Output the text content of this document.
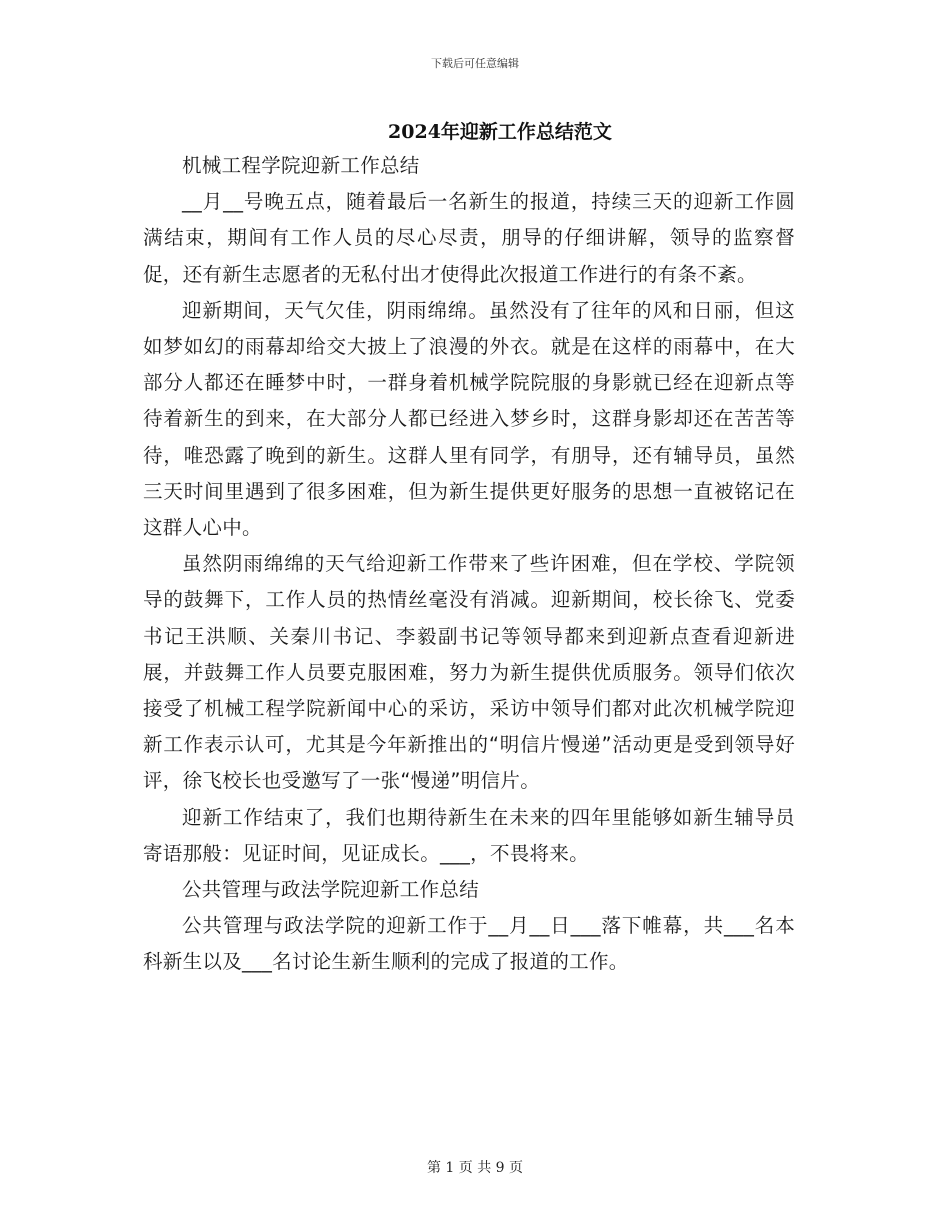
下载后可任意编辑
2024年迎新工作总结范文

机械工程学院迎新工作总结

__月__号晚五点，随着最后一名新生的报道，持续三天的迎新工作圆满结束，期间有工作人员的尽心尽责，朋导的仔细讲解，领导的监察督促，还有新生志愿者的无私付出才使得此次报道工作进行的有条不紊。

迎新期间，天气欠佳，阴雨绵绵。虽然没有了往年的风和日丽，但这如梦如幻的雨幕却给交大披上了浪漫的外衣。就是在这样的雨幕中，在大部分人都还在睡梦中时，一群身着机械学院院服的身影就已经在迎新点等待着新生的到来，在大部分人都已经进入梦乡时，这群身影却还在苦苦等待，唯恐露了晚到的新生。这群人里有同学，有朋导，还有辅导员，虽然三天时间里遇到了很多困难，但为新生提供更好服务的思想一直被铭记在这群人心中。

虽然阴雨绵绵的天气给迎新工作带来了些许困难，但在学校、学院领导的鼓舞下，工作人员的热情丝毫没有消减。迎新期间，校长徐飞、党委书记王洪顺、关秦川书记、李毅副书记等领导都来到迎新点查看迎新进展，并鼓舞工作人员要克服困难，努力为新生提供优质服务。领导们依次接受了机械工程学院新闻中心的采访，采访中领导们都对此次机械学院迎新工作表示认可，尤其是今年新推出的“明信片慢递”活动更是受到领导好评，徐飞校长也受邀写了一张“慢递”明信片。

迎新工作结束了，我们也期待新生在未来的四年里能够如新生辅导员寄语那般：见证时间，见证成长。___，不畏将来。

公共管理与政法学院迎新工作总结

公共管理与政法学院的迎新工作于__月__日___落下帷幕，共___名本科新生以及___名讨论生新生顺利的完成了报道的工作。

第 1 页 共 9 页
